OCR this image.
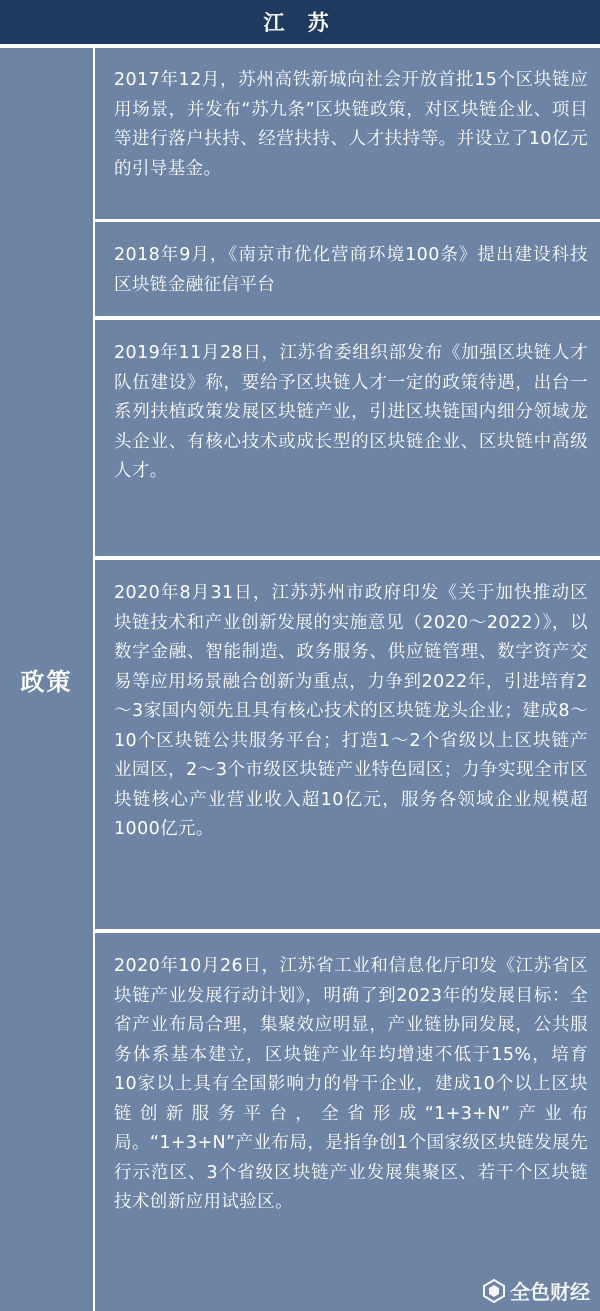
江 苏
政策
2017年12月，苏州高铁新城向社会开放首批15个区块链应用场景，并发布“苏九条”区块链政策，对区块链企业、项目等进行落户扶持、经营扶持、人才扶持等。并设立了10亿元的引导基金。
2018年9月，《南京市优化营商环境100条》提出建设科技区块链金融征信平台
2019年11月28日，江苏省委组织部发布《加强区块链人才队伍建设》称，要给予区块链人才一定的政策待遇，出台一系列扶植政策发展区块链产业，引进区块链国内细分领域龙头企业、有核心技术或成长型的区块链企业、区块链中高级人才。
2020年8月31日，江苏苏州市政府印发《关于加快推动区块链技术和产业创新发展的实施意见（2020～2022）》，以数字金融、智能制造、政务服务、供应链管理、数字资产交易等应用场景融合创新为重点，力争到2022年，引进培育2～3家国内领先且具有核心技术的区块链龙头企业；建成8～10个区块链公共服务平台；打造1～2个省级以上区块链产业园区，2～3个市级区块链产业特色园区；力争实现全市区块链核心产业营业收入超10亿元，服务各领域企业规模超1000亿元。
2020年10月26日，江苏省工业和信息化厅印发《江苏省区块链产业发展行动计划》，明确了到2023年的发展目标：全省产业布局合理，集聚效应明显，产业链协同发展，公共服务体系基本建立，区块链产业年均增速不低于15%，培育10家以上具有全国影响力的骨干企业，建成10个以上区块链创新服务平台，全省形成“1+3+N”产业布局。“1+3+N”产业布局，是指争创1个国家级区块链发展先行示范区、3个省级区块链产业发展集聚区、若干个区块链技术创新应用试验区。
全色财经
